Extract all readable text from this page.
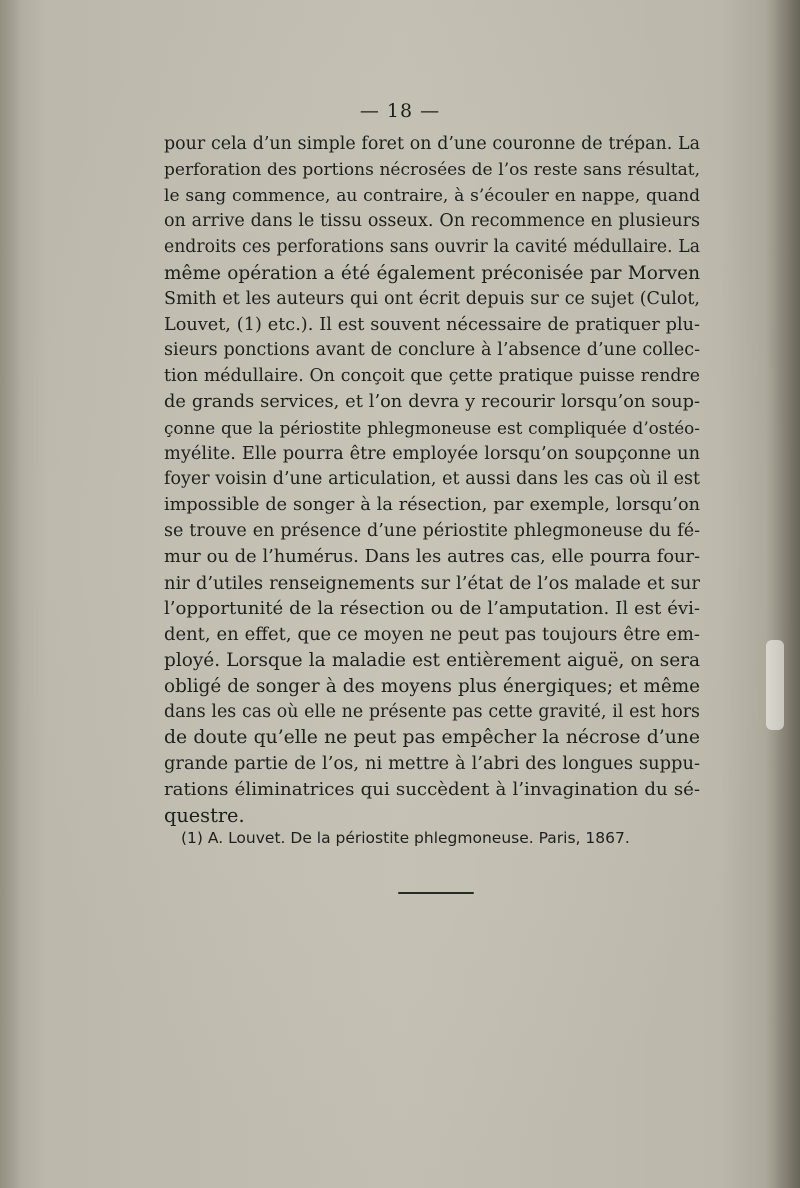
— 18 —
pour cela d’un simple foret on d’une couronne de trépan. La
perforation des portions nécrosées de l’os reste sans résultat,
le sang commence, au contraire, à s’écouler en nappe, quand
on arrive dans le tissu osseux. On recommence en plusieurs
endroits ces perforations sans ouvrir la cavité médullaire. La
même opération a été également préconisée par Morven
Smith et les auteurs qui ont écrit depuis sur ce sujet (Culot,
Louvet, (1) etc.). Il est souvent nécessaire de pratiquer plu-
sieurs ponctions avant de conclure à l’absence d’une collec-
tion médullaire. On conçoit que çette pratique puisse rendre
de grands services, et l’on devra y recourir lorsqu’on soup-
çonne que la périostite phlegmoneuse est compliquée d’ostéo-
myélite. Elle pourra être employée lorsqu’on soupçonne un
foyer voisin d’une articulation, et aussi dans les cas où il est
impossible de songer à la résection, par exemple, lorsqu’on
se trouve en présence d’une périostite phlegmoneuse du fé-
mur ou de l’humérus. Dans les autres cas, elle pourra four-
nir d’utiles renseignements sur l’état de l’os malade et sur
l’opportunité de la résection ou de l’amputation. Il est évi-
dent, en effet, que ce moyen ne peut pas toujours être em-
ployé. Lorsque la maladie est entièrement aiguë, on sera
obligé de songer à des moyens plus énergiques; et même
dans les cas où elle ne présente pas cette gravité, il est hors
de doute qu’elle ne peut pas empêcher la nécrose d’une
grande partie de l’os, ni mettre à l’abri des longues suppu-
rations éliminatrices qui succèdent à l’invagination du sé-
questre.
(1) A. Louvet. De la périostite phlegmoneuse. Paris, 1867.
